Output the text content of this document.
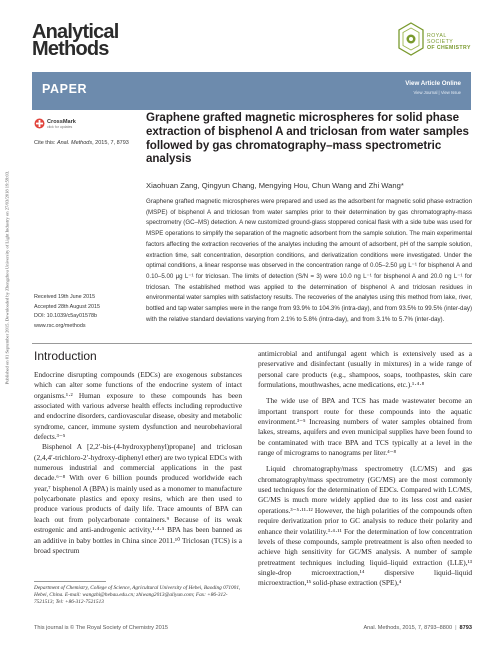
Published on 01 September 2015. Downloaded by Zhengzhou University of Light Industry on 27/03/2018 19:59:03.
Analytical
Methods
ROYAL SOCIETY
OF CHEMISTRY
PAPER	View Article Online
View Journal | View Issue
CrossMark
click for updates
Cite this: Anal. Methods, 2015, 7, 8793
Graphene grafted magnetic microspheres for solid phase extraction of bisphenol A and triclosan from water samples followed by gas chromatography–mass spectrometric analysis
Xiaohuan Zang, Qingyun Chang, Mengying Hou, Chun Wang and Zhi Wang*
Graphene grafted magnetic microspheres were prepared and used as the adsorbent for magnetic solid phase extraction (MSPE) of bisphenol A and triclosan from water samples prior to their determination by gas chromatography-mass spectrometry (GC–MS) detection. A new customized ground-glass stoppered conical flask with a side tube was used for MSPE operations to simplify the separation of the magnetic adsorbent from the sample solution. The main experimental factors affecting the extraction recoveries of the analytes including the amount of adsorbent, pH of the sample solution, extraction time, salt concentration, desorption conditions, and derivatization conditions were investigated. Under the optimal conditions, a linear response was observed in the concentration range of 0.05–2.50 μg L⁻¹ for bisphenol A and 0.10–5.00 μg L⁻¹ for triclosan. The limits of detection (S/N = 3) were 10.0 ng L⁻¹ for bisphenol A and 20.0 ng L⁻¹ for triclosan. The established method was applied to the determination of bisphenol A and triclosan residues in environmental water samples with satisfactory results. The recoveries of the analytes using this method from lake, river, bottled and tap water samples were in the range from 93.9% to 104.3% (intra-day), and from 93.5% to 99.5% (inter-day) with the relative standard deviations varying from 2.1% to 5.8% (intra-day), and from 3.1% to 5.7% (inter-day).
Received 19th June 2015
Accepted 28th August 2015
DOI: 10.1039/c5ay01578b
www.rsc.org/methods
Introduction

Endocrine disrupting compounds (EDCs) are exogenous substances which can alter some functions of the endocrine system of intact organisms.¹·² Human exposure to these compounds has been associated with various adverse health effects including reproductive and endocrine disorders, cardiovascular disease, obesity and metabolic syndrome, cancer, immune system dysfunction and neurobehavioral defects.³⁻⁵

Bisphenol A [2,2′-bis-(4-hydroxyphenyl)propane] and triclosan (2,4,4′-trichloro-2′-hydroxy-diphenyl ether) are two typical EDCs with numerous industrial and commercial applications in the past decade.⁶⁻⁸ With over 6 billion pounds produced worldwide each year,⁷ bisphenol A (BPA) is mainly used as a monomer to manufacture polycarbonate plastics and epoxy resins, which are then used to produce various products of daily life. Trace amounts of BPA can leach out from polycarbonate containers.⁹ Because of its weak estrogenic and anti-androgenic activity,¹·⁴·⁵ BPA has been banned as an additive in baby bottles in China since 2011.¹⁰ Triclosan (TCS) is a broad spectrum

antimicrobial and antifungal agent which is extensively used as a preservative and disinfectant (usually in mixtures) in a wide range of personal care products (e.g., shampoos, soaps, toothpastes, skin care formulations, mouthwashes, acne medications, etc.).¹·⁴·⁸

The wide use of BPA and TCS has made wastewater become an important transport route for these compounds into the aquatic environment.³⁻⁵ Increasing numbers of water samples obtained from lakes, streams, aquifers and even municipal supplies have been found to be contaminated with trace BPA and TCS typically at a level in the range of micrograms to nanograms per liter.⁴⁻⁸

Liquid chromatography/mass spectrometry (LC/MS) and gas chromatography/mass spectrometry (GC/MS) are the most commonly used techniques for the determination of EDCs. Compared with LC/MS, GC/MS is much more widely applied due to its less cost and easier operations.³⁻⁵·¹¹·¹² However, the high polarities of the compounds often require derivatization prior to GC analysis to reduce their polarity and enhance their volatility.³·⁴·¹¹ For the determination of low concentration levels of these compounds, sample pretreatment is also often needed to achieve high sensitivity for GC/MS analysis. A number of sample pretreatment techniques including liquid–liquid extraction (LLE),¹³ single-drop microextraction,¹⁴ dispersive liquid–liquid microextraction,¹⁵ solid-phase extraction (SPE),⁴

Department of Chemistry, College of Science, Agricultural University of Hebei, Baoding 071001, Hebei, China. E-mail: wangzhi@hebau.edu.cn; zhiwang2013@aliyun.com; Fax: +86-312-7521513; Tel: +86-312-7521513
This journal is © The Royal Society of Chemistry 2015	Anal. Methods, 2015, 7, 8793–8800 | 8793
